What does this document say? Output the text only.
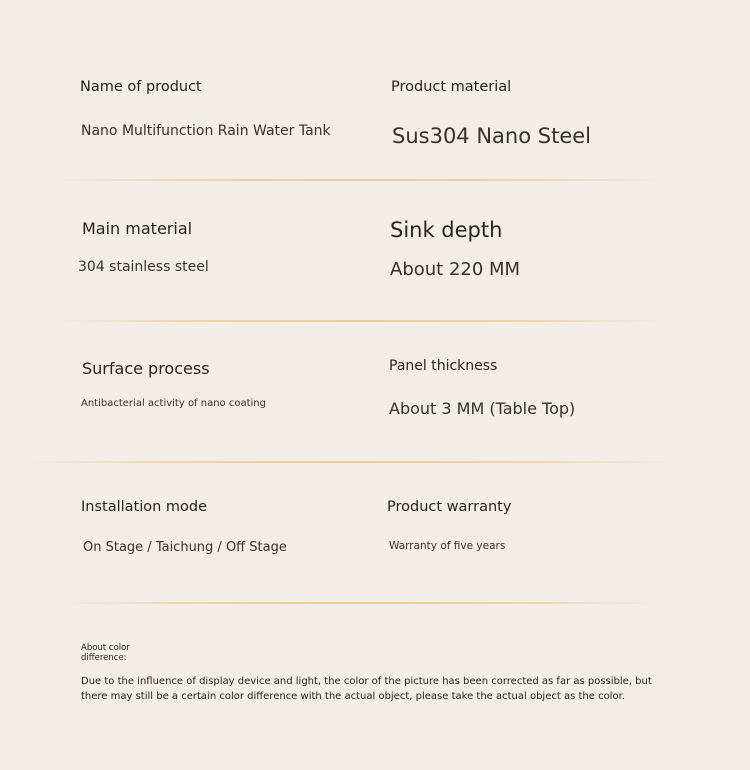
Name of product
Nano Multifunction Rain Water Tank
Product material
Sus304 Nano Steel
Main material
304 stainless steel
Sink depth
About 220 MM
Surface process
Antibacterial activity of nano coating
Panel thickness
About 3 MM (Table Top)
Installation mode
On Stage / Taichung / Off Stage
Product warranty
Warranty of five years
About color difference:
Due to the influence of display device and light, the color of the picture has been corrected as far as possible, but there may still be a certain color difference with the actual object, please take the actual object as the color.
